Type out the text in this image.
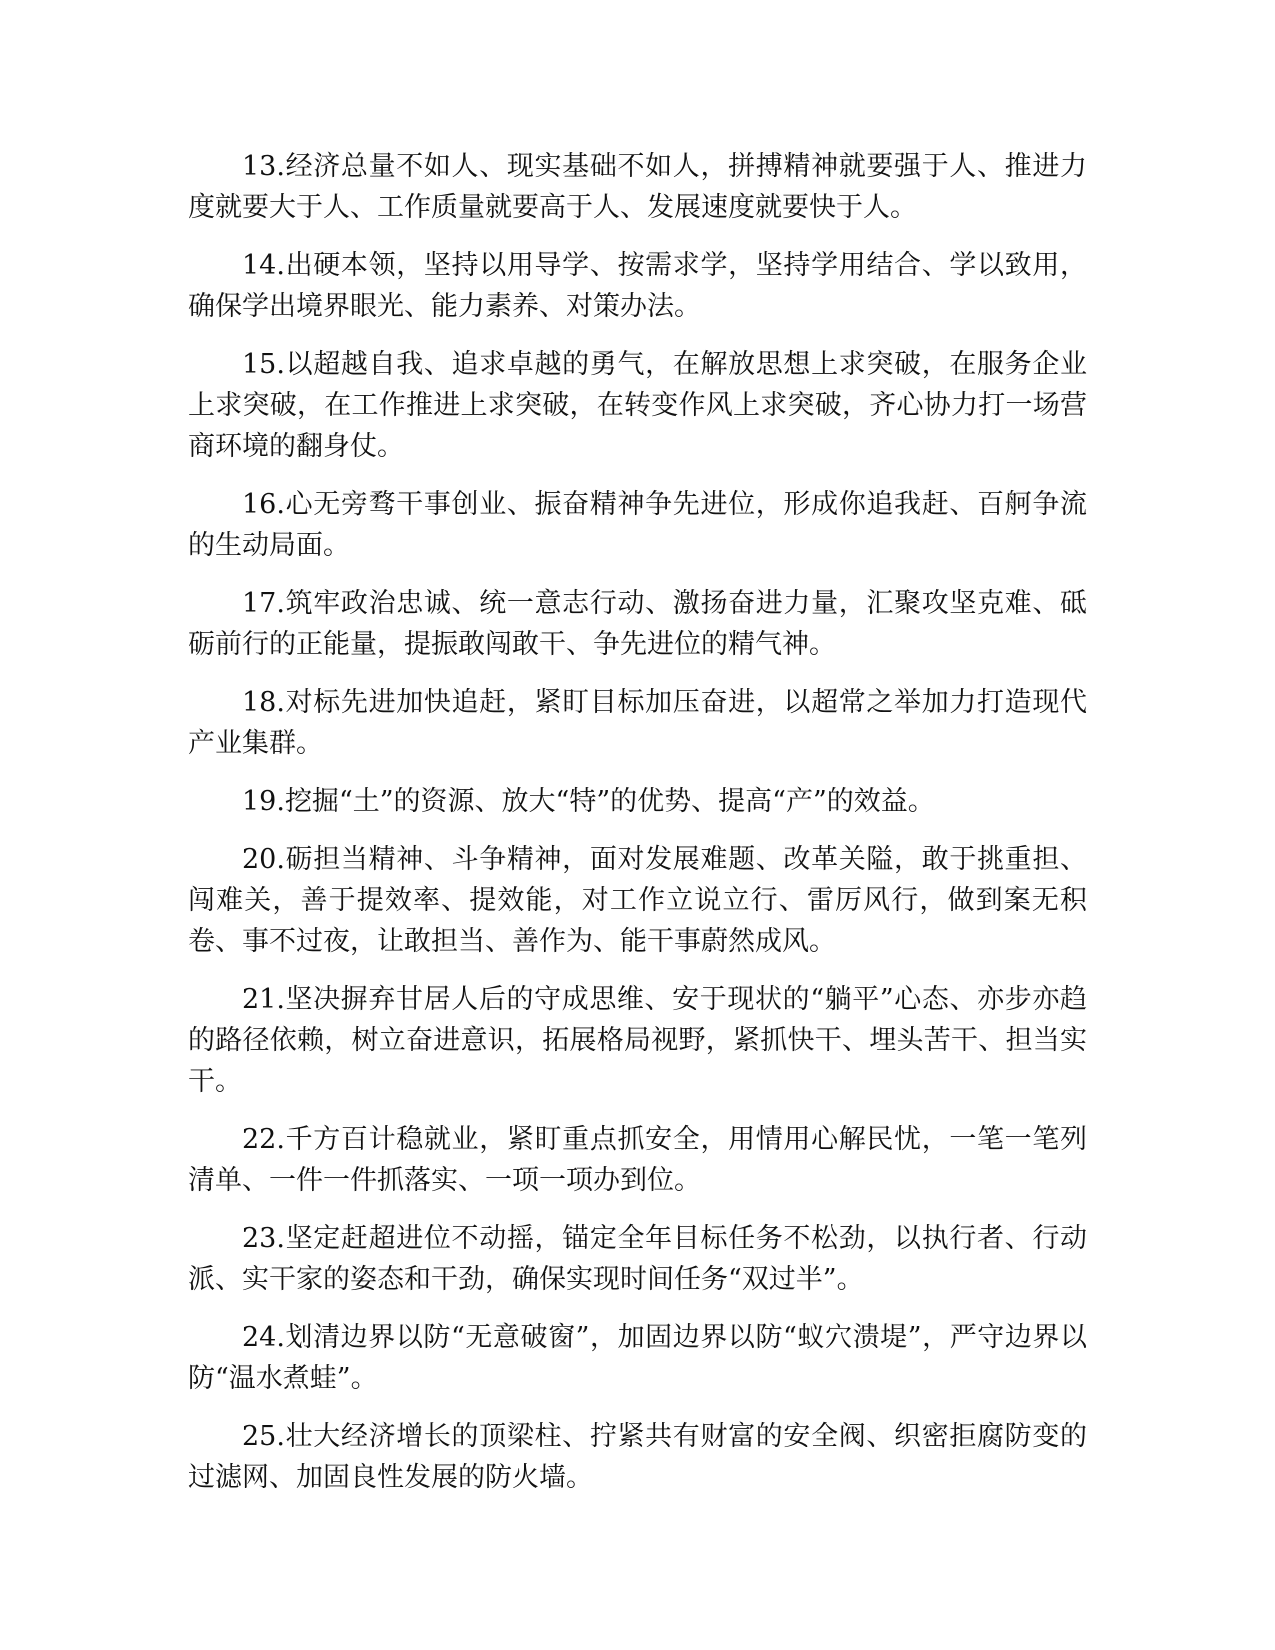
13.经济总量不如人、现实基础不如人，拼搏精神就要强于人、推进力度就要大于人、工作质量就要高于人、发展速度就要快于人。

14.出硬本领，坚持以用导学、按需求学，坚持学用结合、学以致用，确保学出境界眼光、能力素养、对策办法。

15.以超越自我、追求卓越的勇气，在解放思想上求突破，在服务企业上求突破，在工作推进上求突破，在转变作风上求突破，齐心协力打一场营商环境的翻身仗。

16.心无旁骛干事创业、振奋精神争先进位，形成你追我赶、百舸争流的生动局面。

17.筑牢政治忠诚、统一意志行动、激扬奋进力量，汇聚攻坚克难、砥砺前行的正能量，提振敢闯敢干、争先进位的精气神。

18.对标先进加快追赶，紧盯目标加压奋进，以超常之举加力打造现代产业集群。

19.挖掘“土”的资源、放大“特”的优势、提高“产”的效益。

20.砺担当精神、斗争精神，面对发展难题、改革关隘，敢于挑重担、闯难关，善于提效率、提效能，对工作立说立行、雷厉风行，做到案无积卷、事不过夜，让敢担当、善作为、能干事蔚然成风。

21.坚决摒弃甘居人后的守成思维、安于现状的“躺平”心态、亦步亦趋的路径依赖，树立奋进意识，拓展格局视野，紧抓快干、埋头苦干、担当实干。

22.千方百计稳就业，紧盯重点抓安全，用情用心解民忧，一笔一笔列清单、一件一件抓落实、一项一项办到位。

23.坚定赶超进位不动摇，锚定全年目标任务不松劲，以执行者、行动派、实干家的姿态和干劲，确保实现时间任务“双过半”。

24.划清边界以防“无意破窗”，加固边界以防“蚁穴溃堤”，严守边界以防“温水煮蛙”。

25.壮大经济增长的顶梁柱、拧紧共有财富的安全阀、织密拒腐防变的过滤网、加固良性发展的防火墙。
